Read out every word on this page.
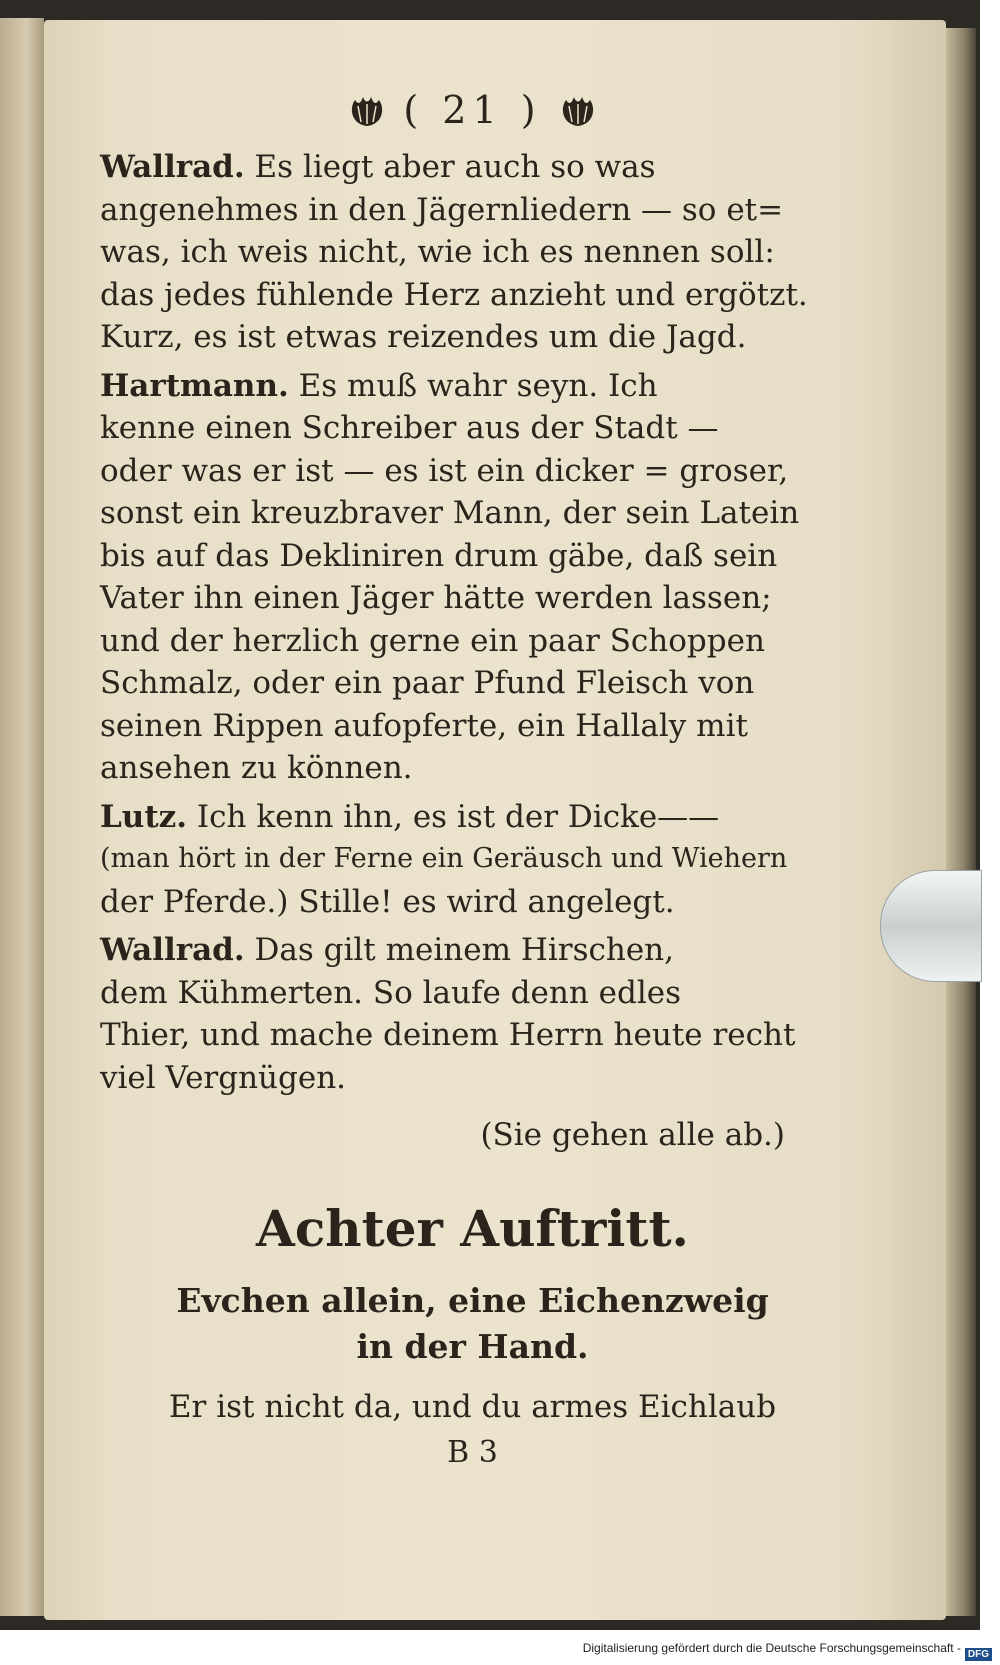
( 21 )
Wallrad. Es liegt aber auch so was
angenehmes in den Jägernliedern — so et=
was, ich weis nicht, wie ich es nennen soll:
das jedes fühlende Herz anzieht und ergötzt.
Kurz, es ist etwas reizendes um die Jagd.
Hartmann. Es muß wahr seyn. Ich
kenne einen Schreiber aus der Stadt —
oder was er ist — es ist ein dicker = groser,
sonst ein kreuzbraver Mann, der sein Latein
bis auf das Dekliniren drum gäbe, daß sein
Vater ihn einen Jäger hätte werden lassen;
und der herzlich gerne ein paar Schoppen
Schmalz, oder ein paar Pfund Fleisch von
seinen Rippen aufopferte, ein Hallaly mit
ansehen zu können.
Lutz. Ich kenn ihn, es ist der Dicke——
(man hört in der Ferne ein Geräusch und Wiehern
der Pferde.) Stille! es wird angelegt.
Wallrad. Das gilt meinem Hirschen,
dem Kühmerten. So laufe denn edles
Thier, und mache deinem Herrn heute recht
viel Vergnügen.
(Sie gehen alle ab.)
Achter Auftritt.
Evchen allein, eine Eichenzweig
in der Hand.
Er ist nicht da, und du armes Eichlaub
B 3
Digitalisierung gefördert durch die Deutsche Forschungsgemeinschaft - DFG
